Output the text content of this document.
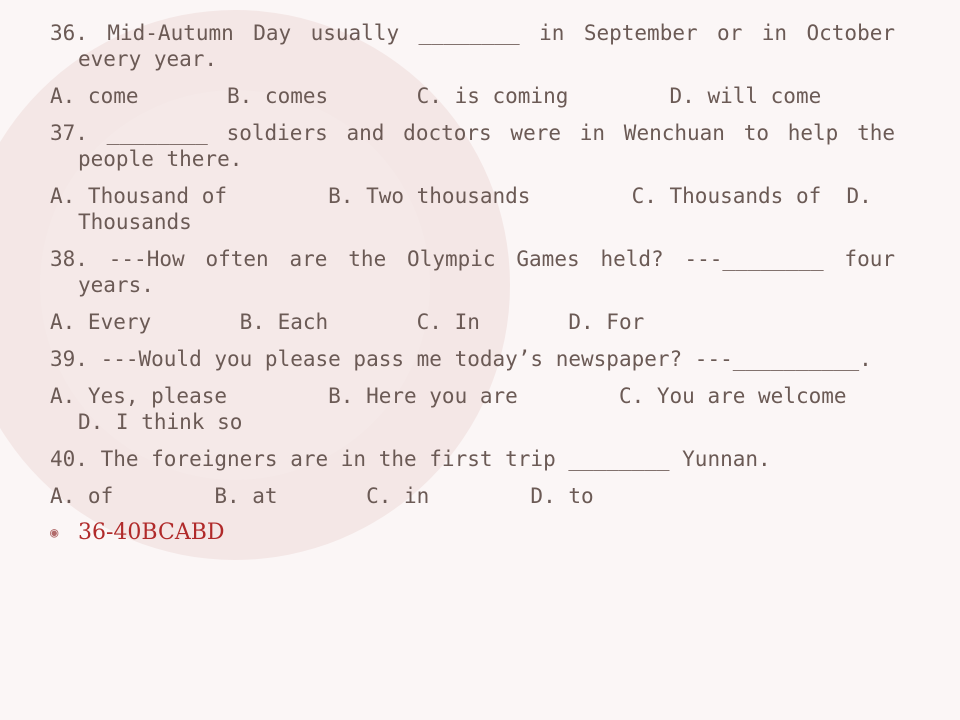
36. Mid-Autumn Day usually ________ in September or in October every year.

A. come       B. comes       C. is coming        D. will come

37. ________ soldiers and doctors were in Wenchuan to help the people there.

A. Thousand of        B. Two thousands        C. Thousands of  D. Thousands

38. ---How often are the Olympic Games held? ---________ four years.

A. Every       B. Each       C. In       D. For

39. ---Would you please pass me today’s newspaper? ---__________.

A. Yes, please        B. Here you are        C. You are welcome  D. I think so

40. The foreigners are in the first trip ________ Yunnan.

A. of        B. at       C. in        D. to

◉ 36-40BCABD
